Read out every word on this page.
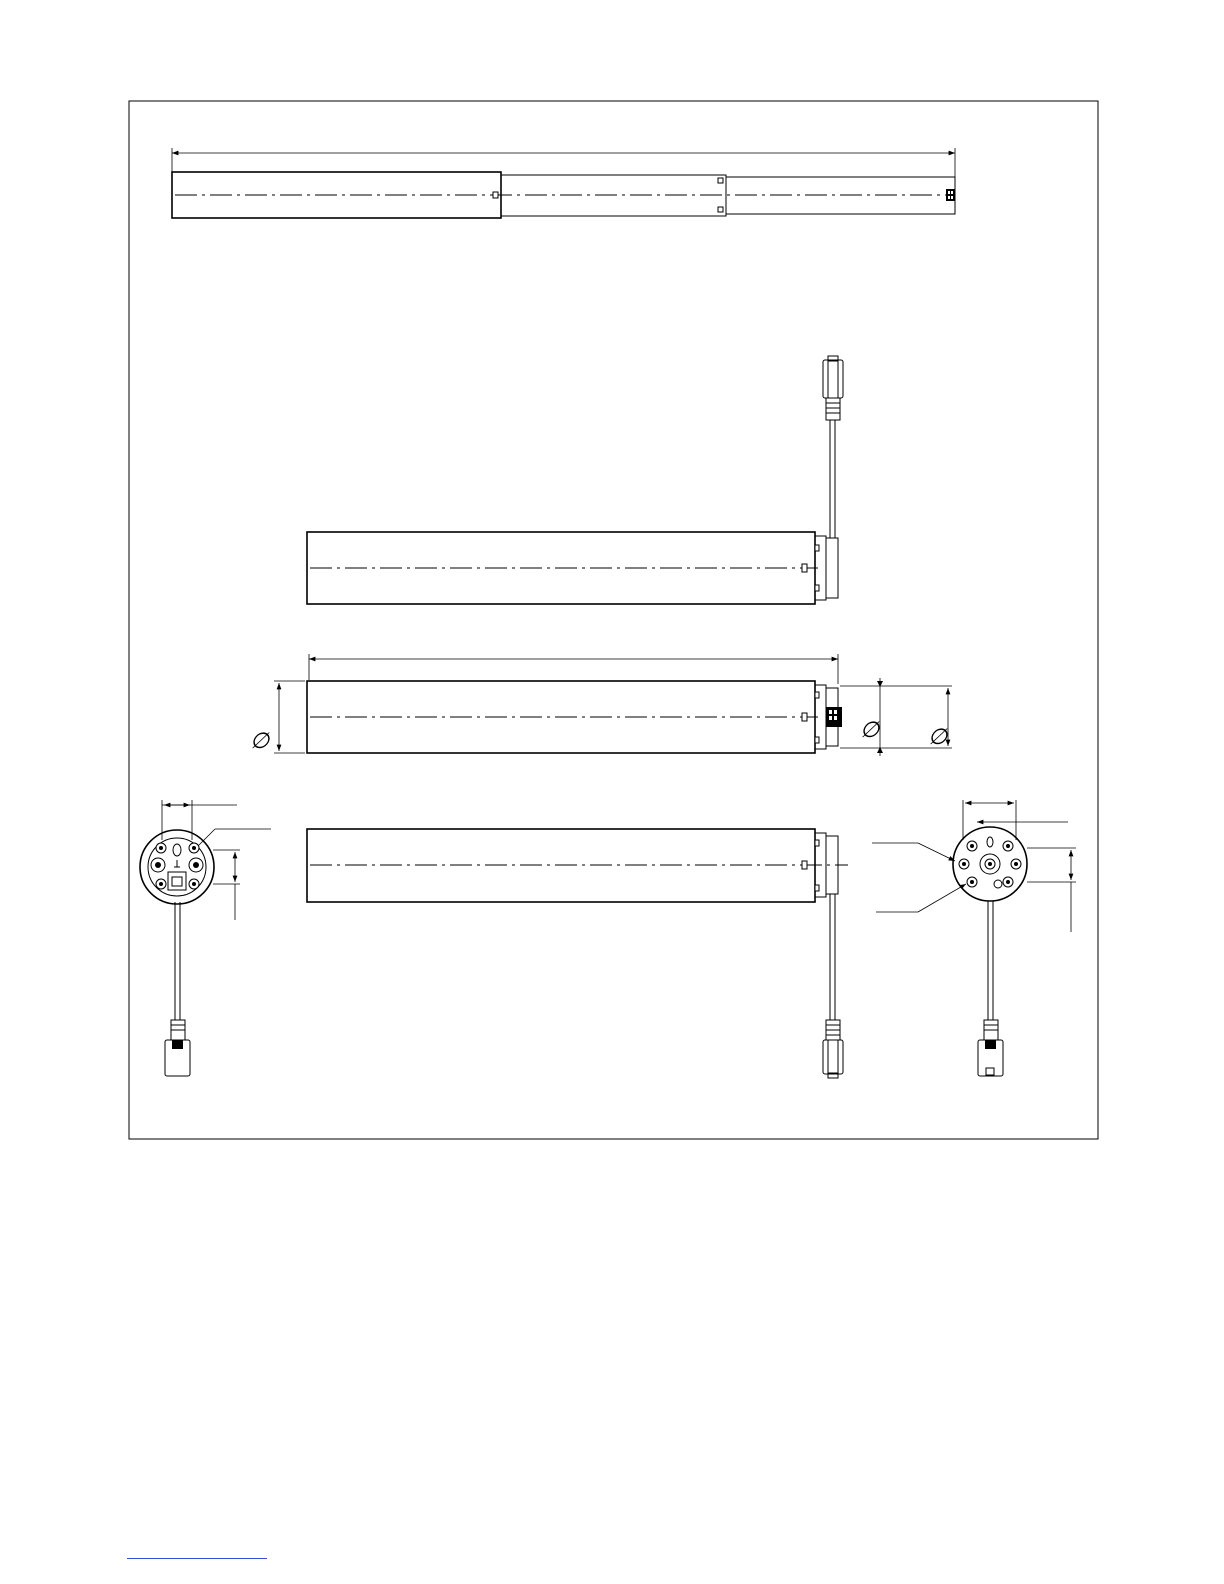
∅	∅ ∅
